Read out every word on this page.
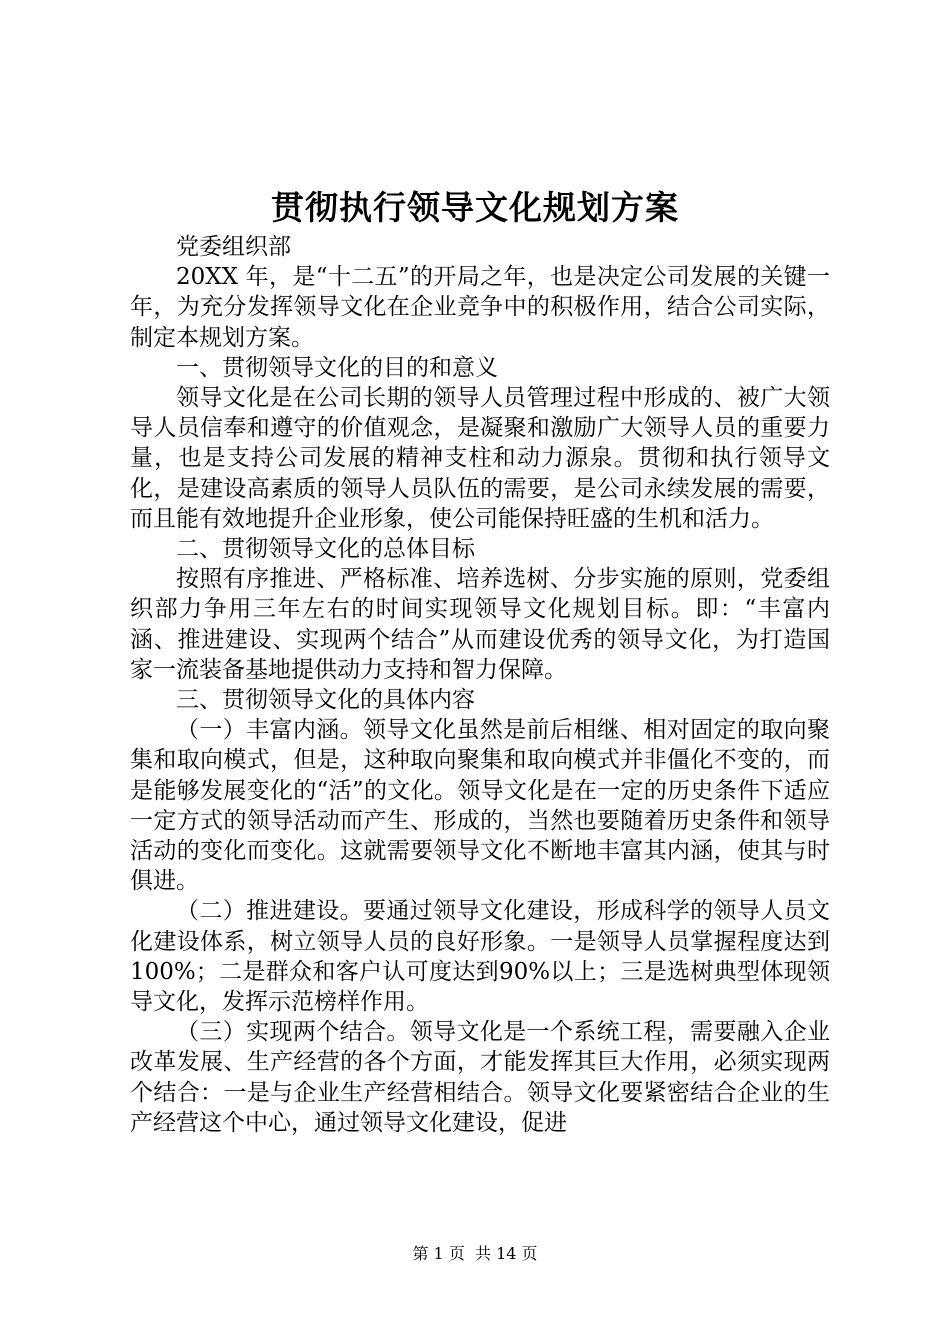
贯彻执行领导文化规划方案

党委组织部

20XX 年，是“十二五”的开局之年，也是决定公司发展的关键一年，为充分发挥领导文化在企业竞争中的积极作用，结合公司实际，制定本规划方案。

一、贯彻领导文化的目的和意义

领导文化是在公司长期的领导人员管理过程中形成的、被广大领导人员信奉和遵守的价值观念，是凝聚和激励广大领导人员的重要力量，也是支持公司发展的精神支柱和动力源泉。贯彻和执行领导文化，是建设高素质的领导人员队伍的需要，是公司永续发展的需要，而且能有效地提升企业形象，使公司能保持旺盛的生机和活力。

二、贯彻领导文化的总体目标

按照有序推进、严格标准、培养选树、分步实施的原则，党委组织部力争用三年左右的时间实现领导文化规划目标。即：“丰富内涵、推进建设、实现两个结合”从而建设优秀的领导文化，为打造国家一流装备基地提供动力支持和智力保障。

三、贯彻领导文化的具体内容

（一）丰富内涵。领导文化虽然是前后相继、相对固定的取向聚集和取向模式，但是，这种取向聚集和取向模式并非僵化不变的，而是能够发展变化的“活”的文化。领导文化是在一定的历史条件下适应一定方式的领导活动而产生、形成的，当然也要随着历史条件和领导活动的变化而变化。这就需要领导文化不断地丰富其内涵，使其与时俱进。

（二）推进建设。要通过领导文化建设，形成科学的领导人员文化建设体系，树立领导人员的良好形象。一是领导人员掌握程度达到100%；二是群众和客户认可度达到90%以上；三是选树典型体现领导文化，发挥示范榜样作用。

（三）实现两个结合。领导文化是一个系统工程，需要融入企业改革发展、生产经营的各个方面，才能发挥其巨大作用，必须实现两个结合：一是与企业生产经营相结合。领导文化要紧密结合企业的生产经营这个中心，通过领导文化建设，促进

第 1 页  共 14 页
